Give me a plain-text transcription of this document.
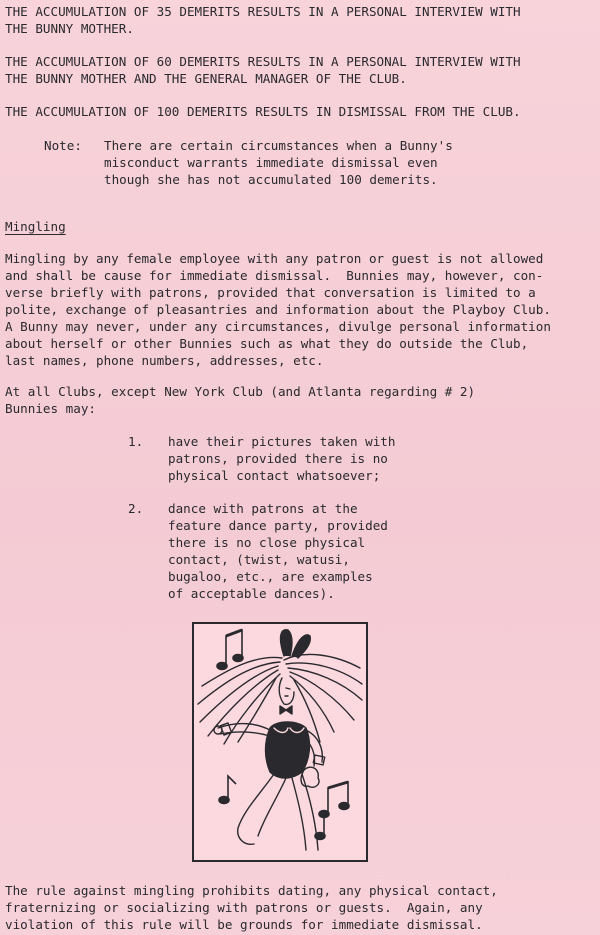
THE ACCUMULATION OF 35 DEMERITS RESULTS IN A PERSONAL INTERVIEW WITH
THE BUNNY MOTHER.
THE ACCUMULATION OF 60 DEMERITS RESULTS IN A PERSONAL INTERVIEW WITH
THE BUNNY MOTHER AND THE GENERAL MANAGER OF THE CLUB.
THE ACCUMULATION OF 100 DEMERITS RESULTS IN DISMISSAL FROM THE CLUB.
Note: There are certain circumstances when a Bunny's
misconduct warrants immediate dismissal even
though she has not accumulated 100 demerits.
Mingling
Mingling by any female employee with any patron or guest is not allowed
and shall be cause for immediate dismissal.  Bunnies may, however, con-
verse briefly with patrons, provided that conversation is limited to a
polite, exchange of pleasantries and information about the Playboy Club.
A Bunny may never, under any circumstances, divulge personal information
about herself or other Bunnies such as what they do outside the Club,
last names, phone numbers, addresses, etc.
At all Clubs, except New York Club (and Atlanta regarding # 2)
Bunnies may:
1. have their pictures taken with
patrons, provided there is no
physical contact whatsoever;
2. dance with patrons at the
feature dance party, provided
there is no close physical
contact, (twist, watusi,
bugaloo, etc., are examples
of acceptable dances).
The rule against mingling prohibits dating, any physical contact,
fraternizing or socializing with patrons or guests.  Again, any
violation of this rule will be grounds for immediate dismissal.
